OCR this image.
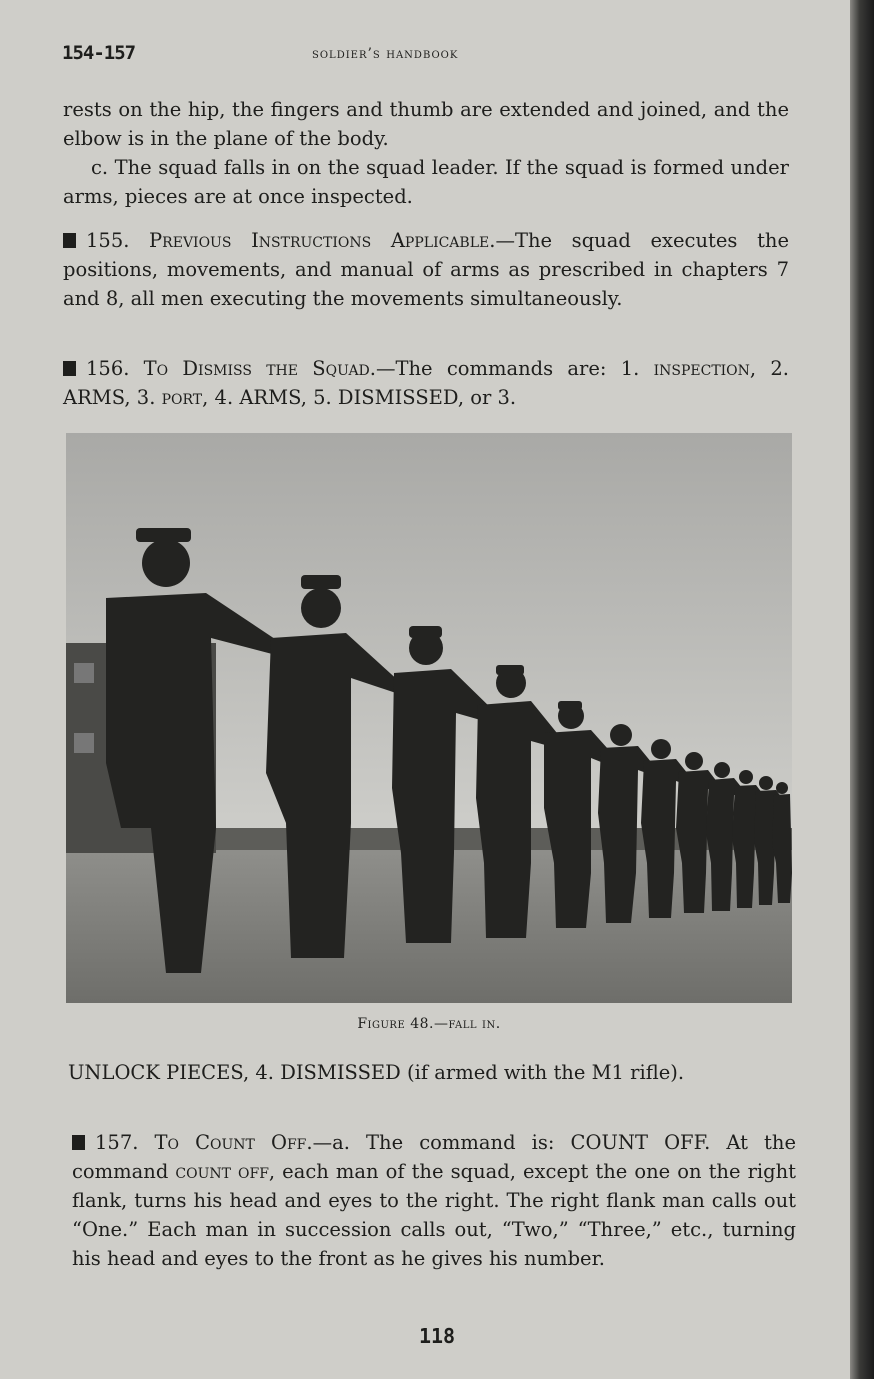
154-157	soldier’s handbook

rests on the hip, the fingers and thumb are extended and joined, and the elbow is in the plane of the body.

c. The squad falls in on the squad leader. If the squad is formed under arms, pieces are at once inspected.

155. Previous Instructions Applicable.—The squad executes the positions, movements, and manual of arms as prescribed in chapters 7 and 8, all men executing the movements simultaneously.

156. To Dismiss the Squad.—The commands are: 1. inspection, 2. ARMS, 3. port, 4. ARMS, 5. DISMISSED, or 3.

Figure 48.—fall in.

UNLOCK PIECES, 4. DISMISSED (if armed with the M1 rifle).

157. To Count Off.—a. The command is: COUNT OFF. At the command count off, each man of the squad, except the one on the right flank, turns his head and eyes to the right. The right flank man calls out “One.” Each man in succession calls out, “Two,” “Three,” etc., turning his head and eyes to the front as he gives his number.

118
